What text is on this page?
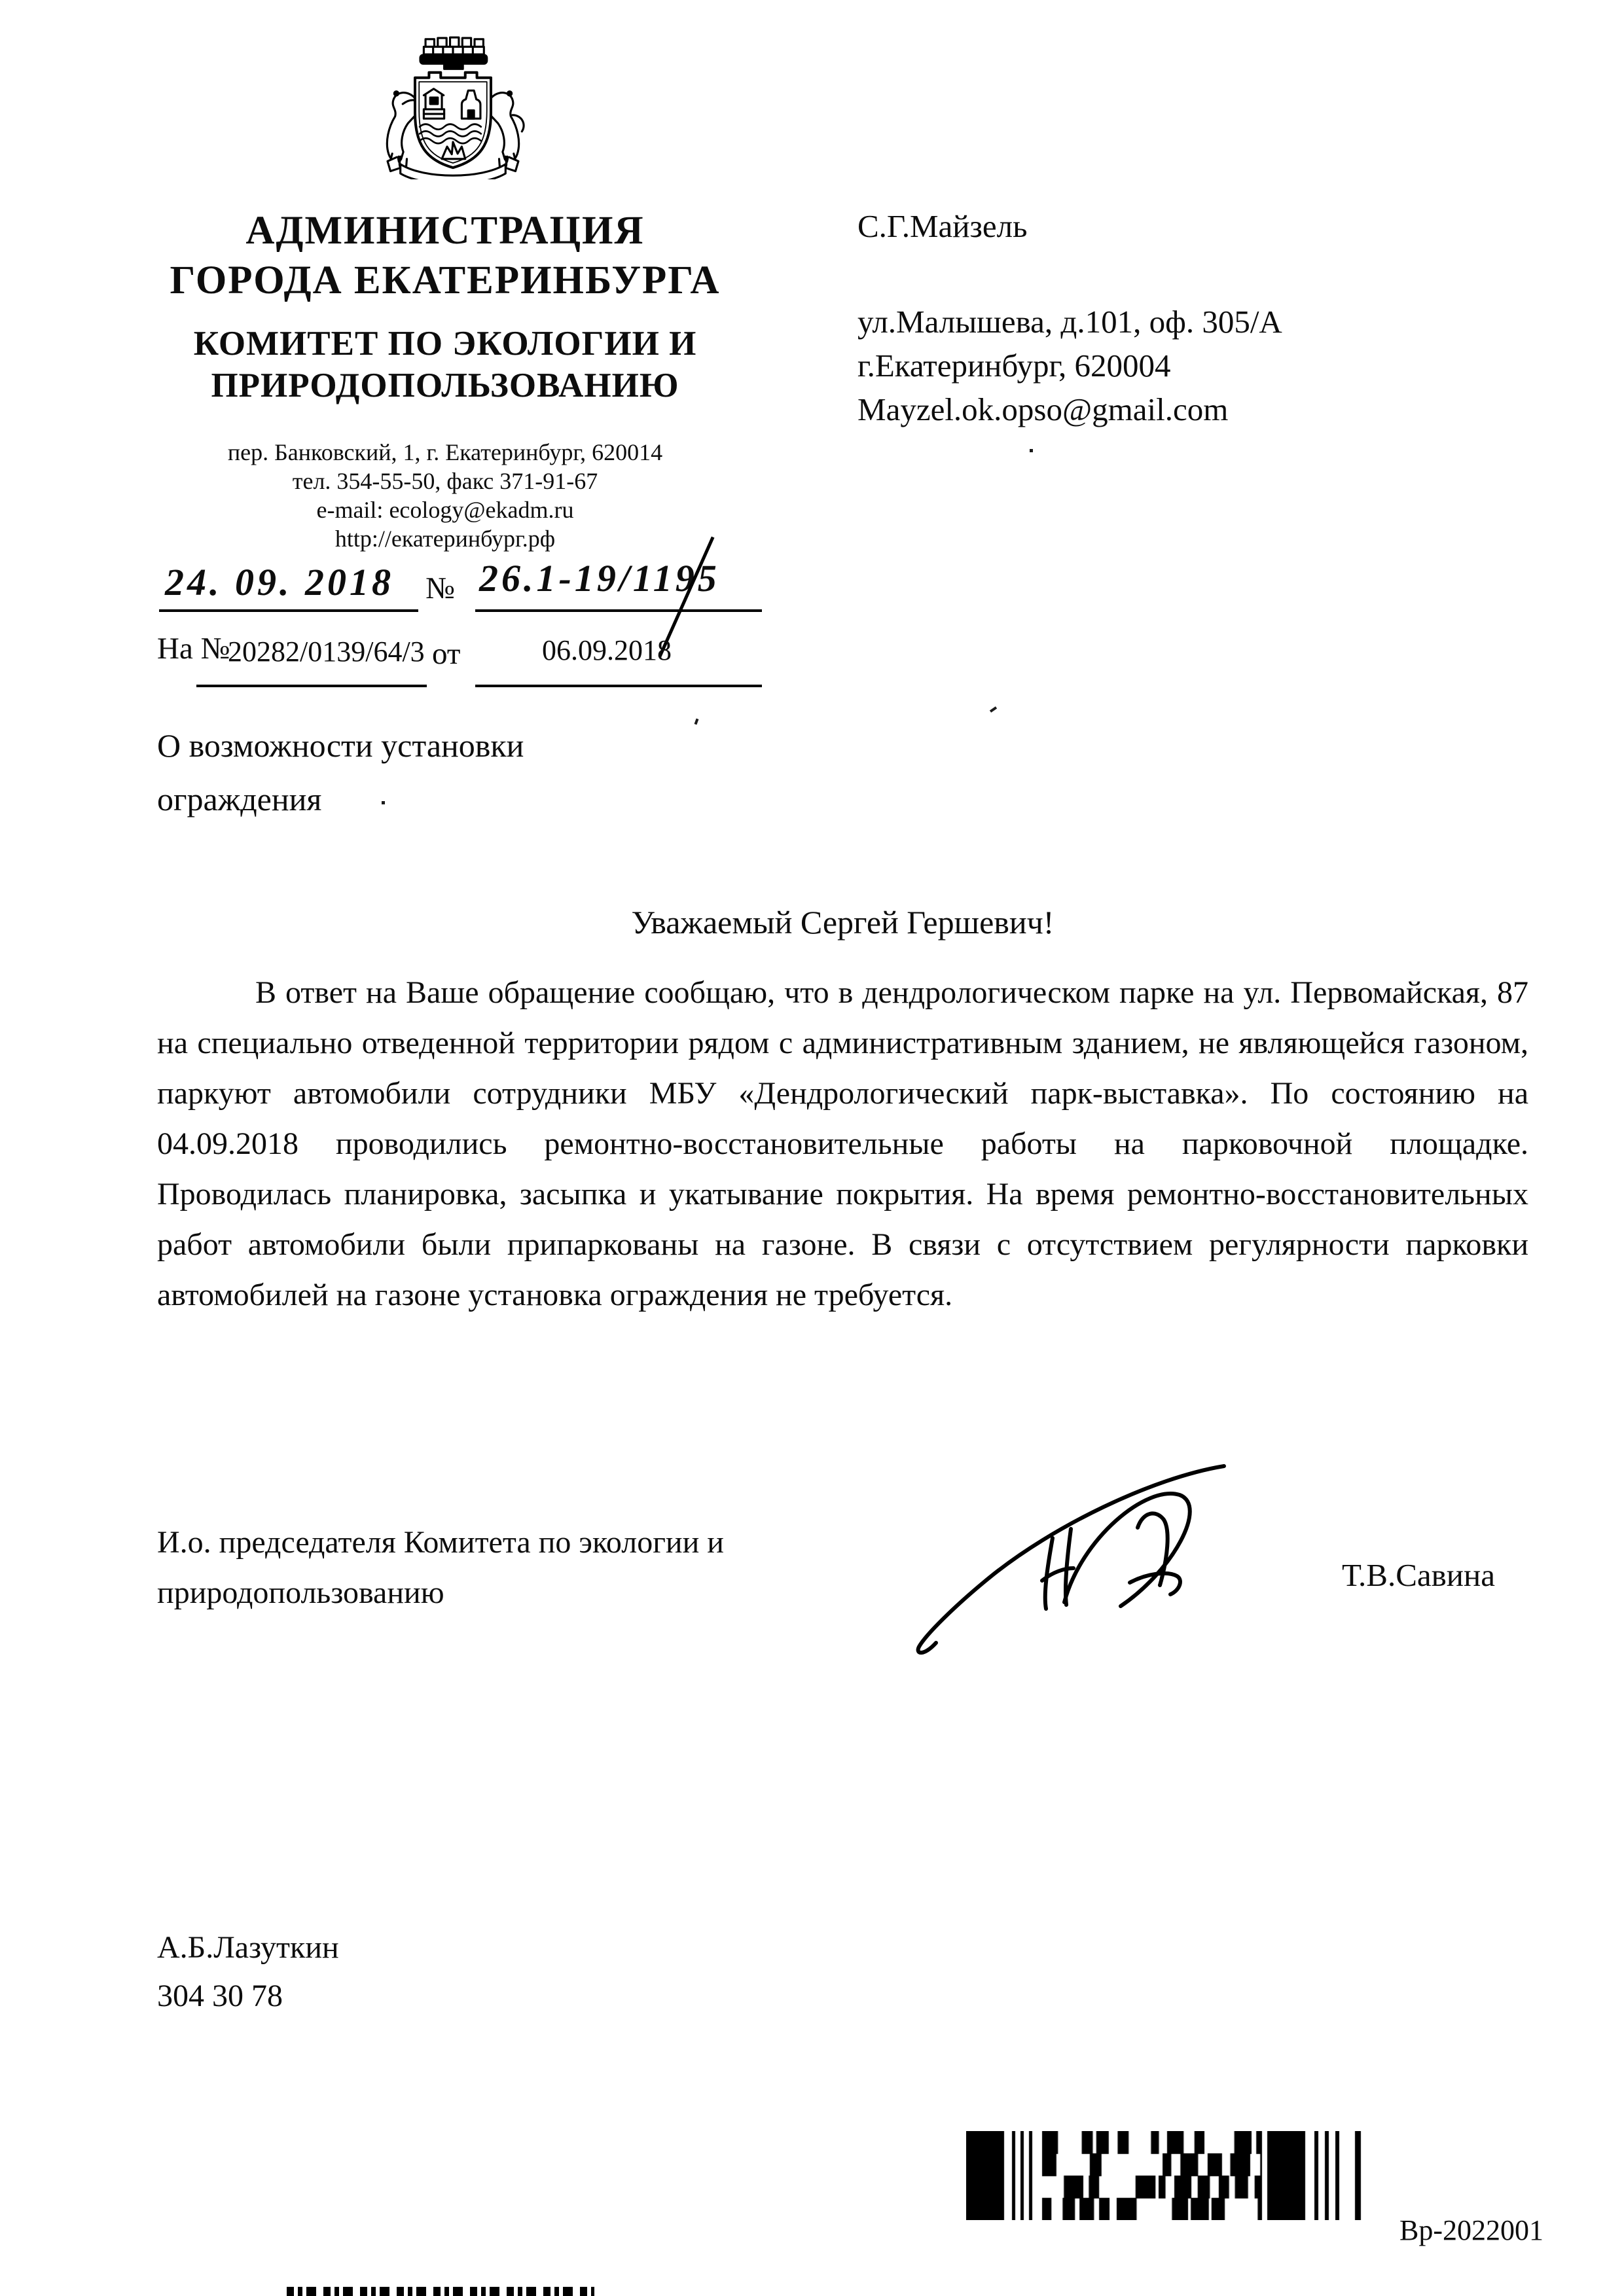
АДМИНИСТРАЦИЯ
ГОРОДА ЕКАТЕРИНБУРГА
КОМИТЕТ ПО ЭКОЛОГИИ И
ПРИРОДОПОЛЬЗОВАНИЮ
пер. Банковский, 1, г. Екатеринбург, 620014
тел. 354-55-50, факс 371-91-67
e-mail: ecology@ekadm.ru
http://екатеринбург.рф
С.Г.Майзель
ул.Малышева, д.101, оф. 305/А
г.Екатеринбург, 620004
Mayzel.ok.opso@gmail.com
24. 09. 2018 № 26.1-19/1195
На №
20282/0139/64/3 от	06.09.2018
О возможности установки ограждения
Уважаемый Сергей Гершевич!
В ответ на Ваше обращение сообщаю, что в дендрологическом парке на ул. Первомайская, 87 на специально отведенной территории рядом с административным зданием, не являющейся газоном, паркуют автомобили сотрудники МБУ «Дендрологический парк-выставка». По состоянию на 04.09.2018 проводились ремонтно-восстановительные работы на парковочной площадке. Проводилась планировка, засыпка и укатывание покрытия. На время ремонтно-восстановительных работ автомобили были припаркованы на газоне. В связи с отсутствием регулярности парковки автомобилей на газоне установка ограждения не требуется.
И.о. председателя Комитета по экологии и природопользованию	Т.В.Савина
А.Б.Лазуткин
304 30 78
Вр-2022001
